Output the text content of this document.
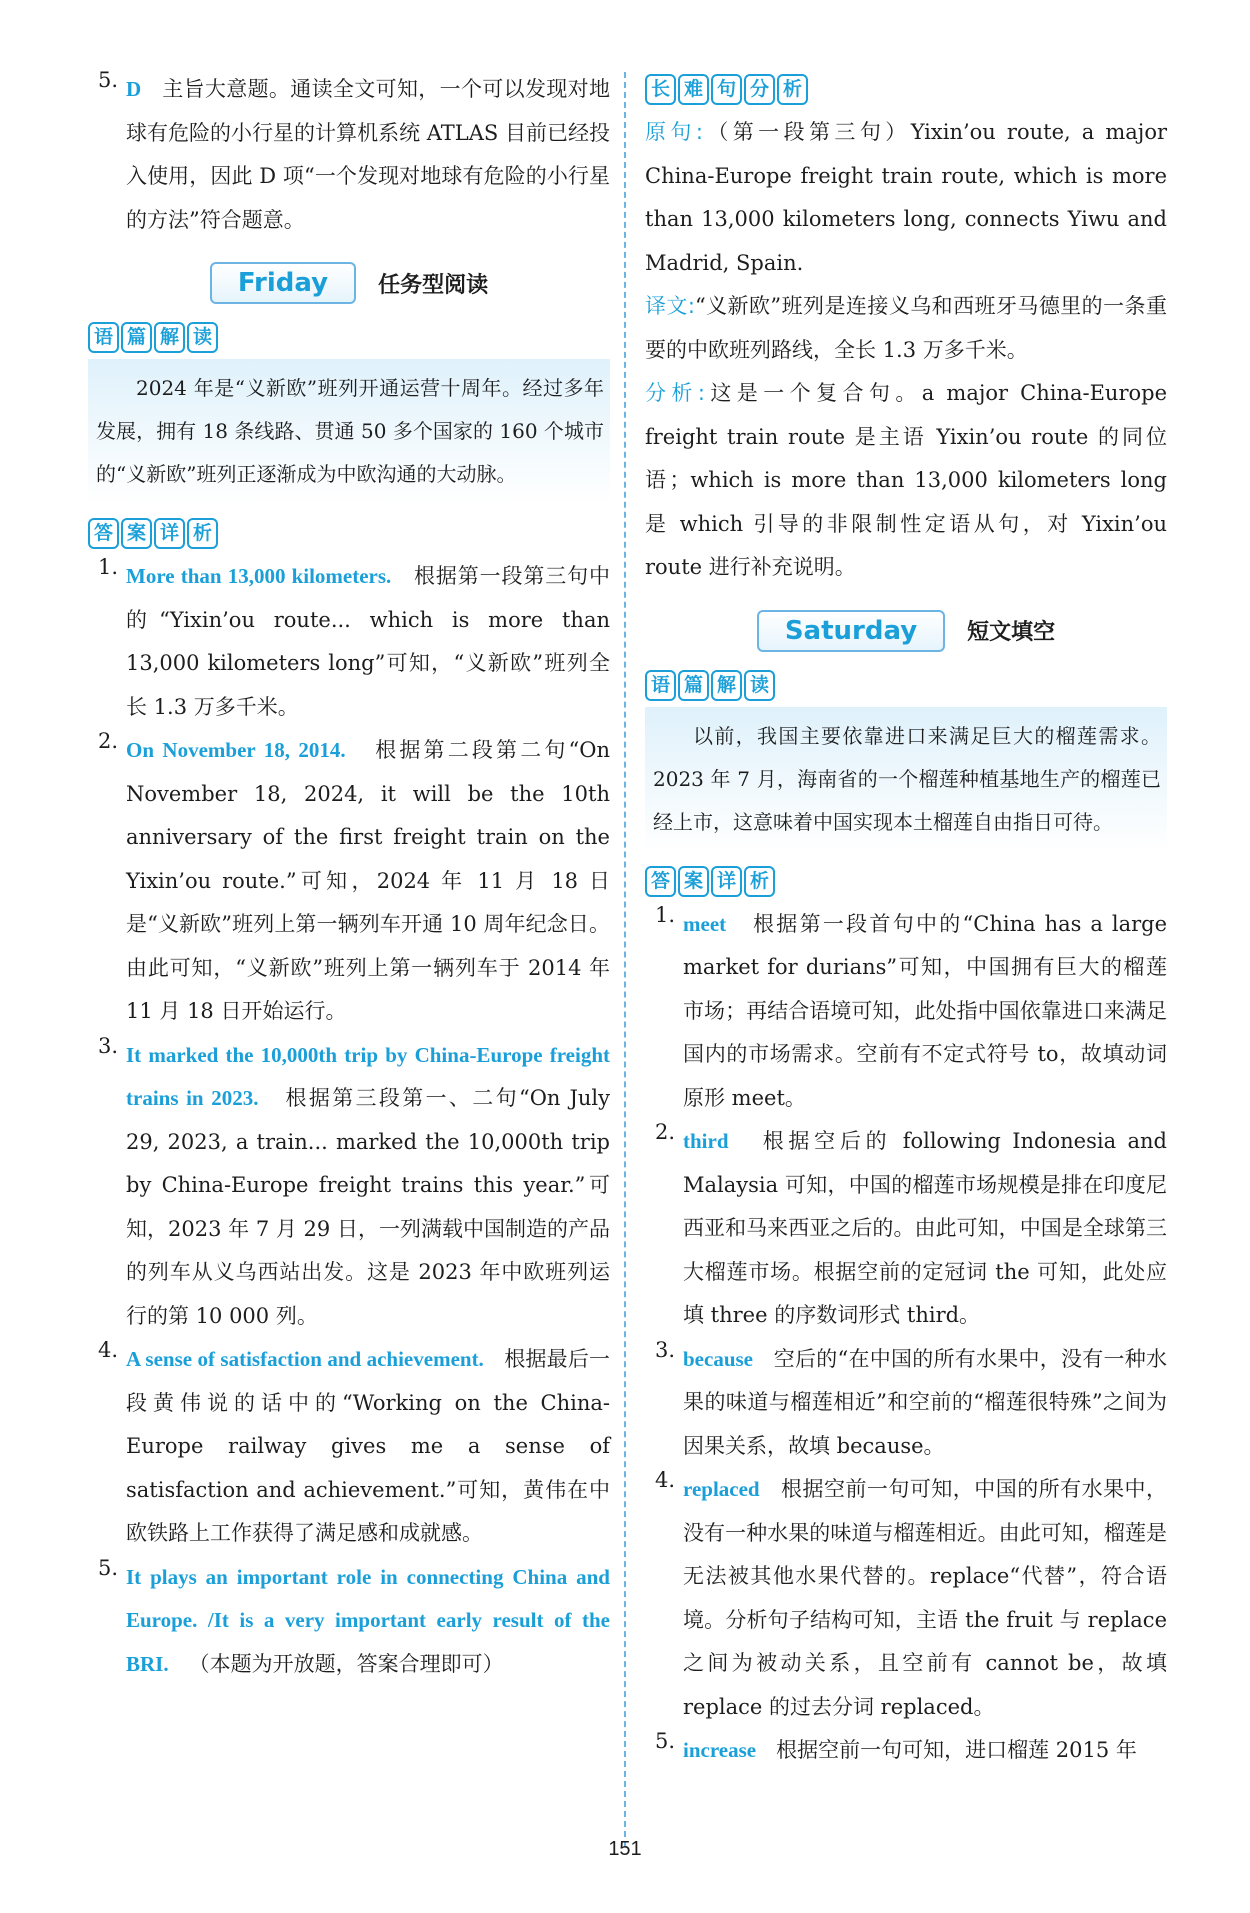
5. D 主旨大意题。通读全文可知，一个可以发现对地球有危险的小行星的计算机系统 ATLAS 目前已经投入使用，因此 D 项“一个发现对地球有危险的小行星的方法”符合题意。
Friday	任务型阅读
语 篇 解 读

2024 年是“义新欧”班列开通运营十周年。经过多年发展，拥有 18 条线路、贯通 50 多个国家的 160 个城市的“义新欧”班列正逐渐成为中欧沟通的大动脉。

答 案 详 析
1. More than 13,000 kilometers. 根据第一段第三句中的“Yixin’ou route... which is more than 13,000 kilometers long”可知，“义新欧”班列全长 1.3 万多千米。
2. On November 18, 2014. 根据第二段第二句“On November 18, 2024, it will be the 10th anniversary of the first freight train on the Yixin’ou route.”可知，2024 年 11 月 18 日是“义新欧”班列上第一辆列车开通 10 周年纪念日。由此可知，“义新欧”班列上第一辆列车于 2014 年 11 月 18 日开始运行。
3. It marked the 10,000th trip by China-Europe freight trains in 2023. 根据第三段第一、二句“On July 29, 2023, a train... marked the 10,000th trip by China-Europe freight trains this year.”可知，2023 年 7 月 29 日，一列满载中国制造的产品的列车从义乌西站出发。这是 2023 年中欧班列运行的第 10 000 列。
4. A sense of satisfaction and achievement. 根据最后一段黄伟说的话中的“Working on the China-Europe railway gives me a sense of satisfaction and achievement.”可知，黄伟在中欧铁路上工作获得了满足感和成就感。
5. It plays an important role in connecting China and Europe. /It is a very important early result of the BRI. （本题为开放题，答案合理即可）
长 难 句 分 析

原句:（第一段第三句）Yixin’ou route, a major China-Europe freight train route, which is more than 13,000 kilometers long, connects Yiwu and Madrid, Spain.

译文:“义新欧”班列是连接义乌和西班牙马德里的一条重要的中欧班列路线，全长 1.3 万多千米。

分析:这是一个复合句。a major China-Europe freight train route 是主语 Yixin’ou route 的同位语；which is more than 13,000 kilometers long 是 which 引导的非限制性定语从句，对 Yixin’ou route 进行补充说明。

Saturday	短文填空
语 篇 解 读

以前，我国主要依靠进口来满足巨大的榴莲需求。2023 年 7 月，海南省的一个榴莲种植基地生产的榴莲已经上市，这意味着中国实现本土榴莲自由指日可待。

答 案 详 析
1. meet 根据第一段首句中的“China has a large market for durians”可知，中国拥有巨大的榴莲市场；再结合语境可知，此处指中国依靠进口来满足国内的市场需求。空前有不定式符号 to，故填动词原形 meet。
2. third 根据空后的 following Indonesia and Malaysia 可知，中国的榴莲市场规模是排在印度尼西亚和马来西亚之后的。由此可知，中国是全球第三大榴莲市场。根据空前的定冠词 the 可知，此处应填 three 的序数词形式 third。
3. because 空后的“在中国的所有水果中，没有一种水果的味道与榴莲相近”和空前的“榴莲很特殊”之间为因果关系，故填 because。
4. replaced 根据空前一句可知，中国的所有水果中，没有一种水果的味道与榴莲相近。由此可知，榴莲是无法被其他水果代替的。replace“代替”，符合语境。分析句子结构可知，主语 the fruit 与 replace 之间为被动关系，且空前有 cannot be，故填 replace 的过去分词 replaced。
5. increase 根据空前一句可知，进口榴莲 2015 年
151
